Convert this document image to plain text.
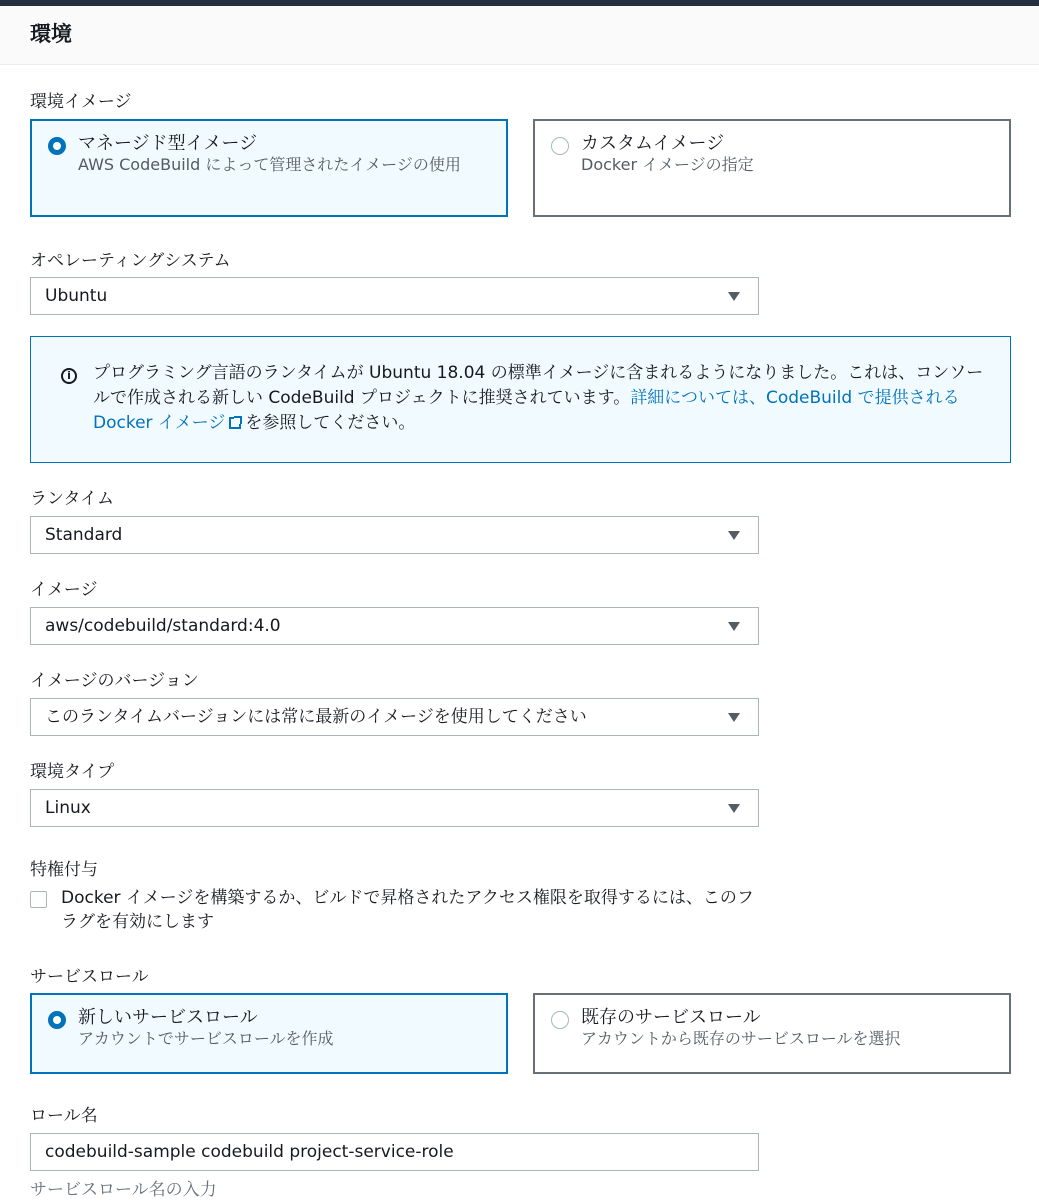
環境
環境イメージ
マネージド型イメージ
AWS CodeBuild によって管理されたイメージの使用
カスタムイメージ
Docker イメージの指定
オペレーティングシステム
Ubuntu
i	プログラミング言語のランタイムが Ubuntu 18.04 の標準イメージに含まれるようになりました。これは、コンソールで作成される新しい CodeBuild プロジェクトに推奨されています。詳細については、CodeBuild で提供される Docker イメージ を参照してください。
ランタイム
Standard
イメージ
aws/codebuild/standard:4.0
イメージのバージョン
このランタイムバージョンには常に最新のイメージを使用してください
環境タイプ
Linux
特権付与
Docker イメージを構築するか、ビルドで昇格されたアクセス権限を取得するには、このフラグを有効にします
サービスロール
新しいサービスロール
アカウントでサービスロールを作成
既存のサービスロール
アカウントから既存のサービスロールを選択
ロール名
codebuild-sample codebuild project-service-role
サービスロール名の入力
